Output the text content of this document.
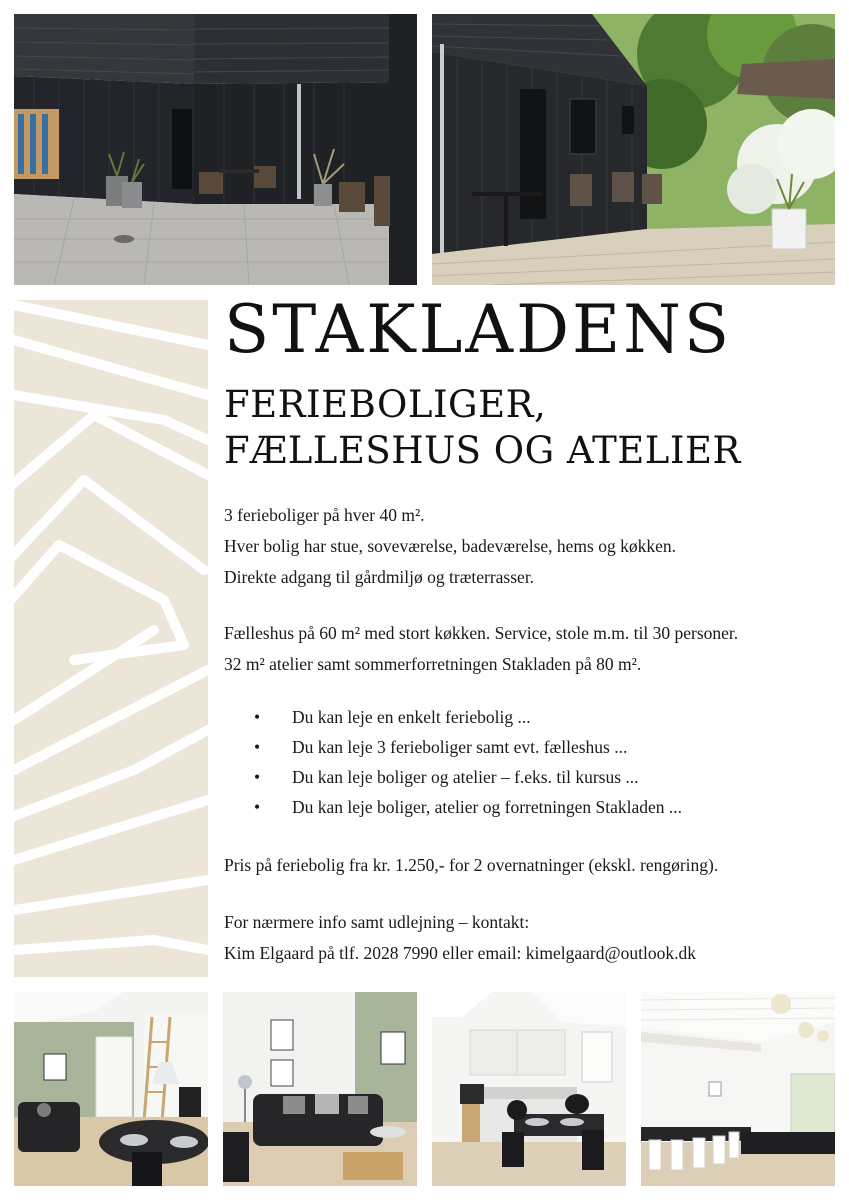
STAKLADENS
FERIEBOLIGER,
FÆLLESHUS OG ATELIER

3 ferieboliger på hver 40 m².

Hver bolig har stue, soveværelse, badeværelse, hems og køkken.

Direkte adgang til gårdmiljø og træterrasser.

Fælleshus på 60 m² med stort køkken. Service, stole m.m. til 30 personer.

32 m² atelier samt sommerforretningen Stakladen på 80 m².

• Du kan leje en enkelt feriebolig ...
• Du kan leje 3 ferieboliger samt evt. fælleshus ...
• Du kan leje boliger og atelier – f.eks. til kursus ...
• Du kan leje boliger, atelier og forretningen Stakladen ...

Pris på feriebolig fra kr. 1.250,- for 2 overnatninger (ekskl. rengøring).

For nærmere info samt udlejning – kontakt:

Kim Elgaard på tlf. 2028 7990 eller email: kimelgaard@outlook.dk
